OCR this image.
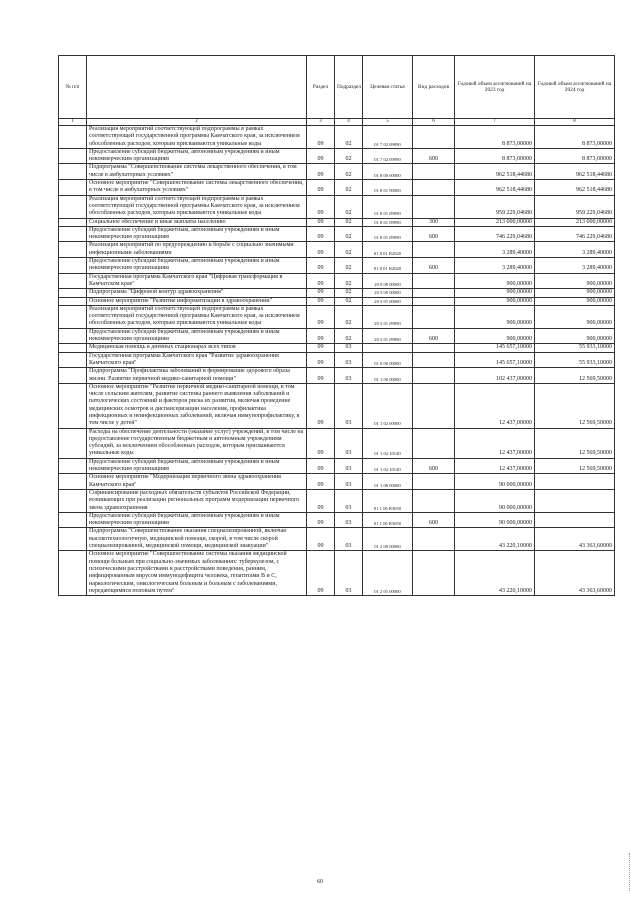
№ п/п		Раздел	Подраздел	Целевая статья	Вид расходов	Годовой объем ассигнований на 2023 год	Годовой объем ассигнований на 2024 год
1	2	3	4	5	6	7	8
	Реализация мероприятий соответствующей подпрограммы в рамках соответствующей государственной программы Камчатского края, за исключением обособленных расходов, которым присваиваются уникальные коды	09	02	01 7 02 09990		8 873,00000	8 873,00000
	Предоставление субсидий бюджетным, автономным учреждениям и иным некоммерческим организациям	09	02	01 7 02 09990	600	8 873,00000	8 873,00000
	Подпрограмма "Совершенствование системы лекарственного обеспечения, в том числе в амбулаторных условиях"	09	02	01 8 00 00000		962 518,44680	962 518,44680
	Основное мероприятие "Совершенствование системы лекарственного обеспечения, в том числе в амбулаторных условиях"	09	02	01 8 01 00000		962 518,44680	962 518,44680
	Реализация мероприятий соответствующей подпрограммы в рамках соответствующей государственной программы Камчатского края, за исключением обособленных расходов, которым присваиваются уникальные коды	09	02	01 8 01 09990		959 229,04680	959 229,04680
	Социальное обеспечение и иные выплаты населению	09	02	01 8 01 09990	300	213 000,00000	213 000,00000
	Предоставление субсидий бюджетным, автономным учреждениям и иным некоммерческим организациям	09	02	01 8 01 09990	600	746 229,04680	746 229,04680
	Реализация мероприятий по предупреждению и борьбе с социально значимыми инфекционными заболеваниями	09	02	01 8 01 R2020		3 289,40000	3 289,40000
	Предоставление субсидий бюджетным, автономным учреждениям и иным некоммерческим организациям	09	02	01 8 01 R2020	600	3 289,40000	3 289,40000
	Государственная программа Камчатского края "Цифровая трансформация в Камчатском крае"	09	02	20 0 00 00000		900,00000	900,00000
	Подпрограмма "Цифровой контур здравоохранения"	09	02	20 3 00 00000		900,00000	900,00000
	Основное мероприятие "Развитие информатизации в здравоохранении"	09	02	20 3 01 00000		900,00000	900,00000
	Реализация мероприятий соответствующей подпрограммы в рамках соответствующей государственной программы Камчатского края, за исключением обособленных расходов, которым присваиваются уникальные коды	09	02	20 3 01 09990		900,00000	900,00000
	Предоставление субсидий бюджетным, автономным учреждениям и иным некоммерческим организациям	09	02	20 3 01 09990	600	900,00000	900,00000
	Медицинская помощь в дневных стационарах всех типов	09	03			145 657,10000	55 933,10000
	Государственная программа Камчатского края "Развитие здравоохранения Камчатского края"	09	03	01 0 00 00000		145 657,10000	55 933,10000
	Подпрограмма "Профилактика заболеваний и формирование здорового образа жизни. Развитие первичной медико-санитарной помощи"	09	03	01 1 00 00000		102 437,00000	12 569,50000
	Основное мероприятие "Развитие первичной медико-санитарной помощи, в том числе сельским жителям, развитие системы раннего выявления заболеваний и патологических состояний и факторов риска их развития, включая проведение медицинских осмотров и диспансеризации населения, профилактика инфекционных и неинфекционных заболеваний, включая иммунопрофилактику, в том числе у детей"	09	03	01 1 02 00000		12 437,00000	12 569,50000
	Расходы на обеспечение деятельности (оказание услуг) учреждений, в том числе на предоставление государственным бюджетным и автономным учреждениям субсидий, за исключением обособленных расходов, которым присваиваются уникальные коды	09	03	01 1 02 10140		12 437,00000	12 569,50000
	Предоставление субсидий бюджетным, автономным учреждениям и иным некоммерческим организациям	09	03	01 1 02 10140	600	12 437,00000	12 569,50000
	Основное мероприятие "Модернизация первичного звена здравоохранения Камчатского края"	09	03	01 1 06 00000		90 000,00000	
	Софинансирование расходных обязательств субъектов Российской Федерации, возникающих при реализации региональных программ модернизации первичного звена здравоохранения	09	03	01 1 06 R3650		90 000,00000	
	Предоставление субсидий бюджетным, автономным учреждениям и иным некоммерческим организациям	09	03	01 1 06 R3650	600	90 000,00000	
	Подпрограмма "Совершенствование оказания специализированной, включая высокотехнологичную, медицинской помощи, скорой, в том числе скорой специализированной, медицинской помощи, медицинской эвакуации"	09	03	01 2 00 00000		43 220,10000	43 363,60000
	Основное мероприятие "Совершенствование системы оказания медицинской помощи больным при социально-значимых заболеваниях: туберкулезом, с психическими расстройствами и расстройствами поведения, ранним, инфицированным вирусом иммунодефицита человека, гепатитами В и С, наркологическим, онкологическим больным и больным с заболеваниями, передающимися половым путем"	09	03	01 2 01 00000		43 220,10000	43 363,60000
60
